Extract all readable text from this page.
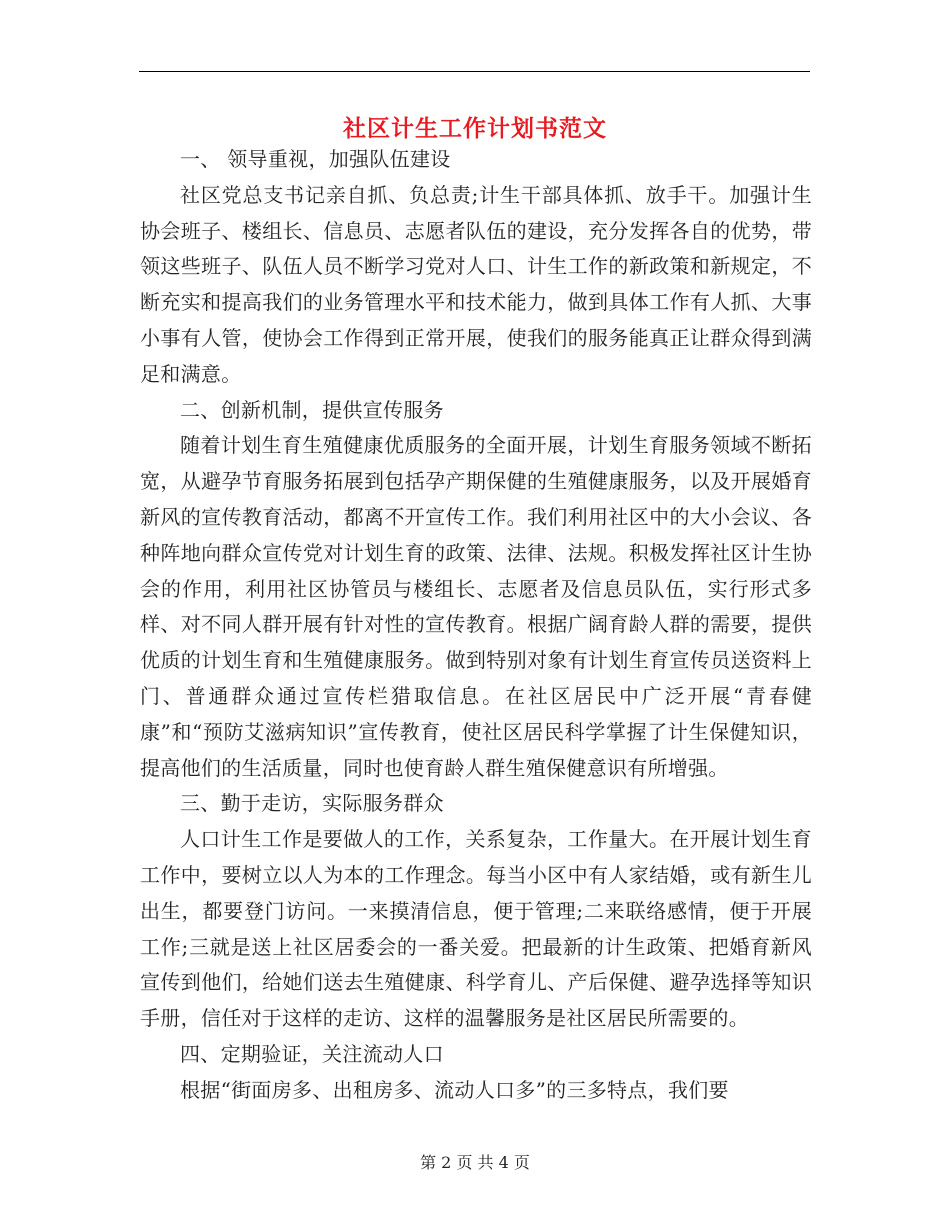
社区计生工作计划书范文

一、 领导重视，加强队伍建设

社区党总支书记亲自抓、负总责;计生干部具体抓、放手干。加强计生协会班子、楼组长、信息员、志愿者队伍的建设，充分发挥各自的优势，带领这些班子、队伍人员不断学习党对人口、计生工作的新政策和新规定，不断充实和提高我们的业务管理水平和技术能力，做到具体工作有人抓、大事小事有人管，使协会工作得到正常开展，使我们的服务能真正让群众得到满足和满意。

二、创新机制，提供宣传服务

随着计划生育生殖健康优质服务的全面开展，计划生育服务领域不断拓宽，从避孕节育服务拓展到包括孕产期保健的生殖健康服务，以及开展婚育新风的宣传教育活动，都离不开宣传工作。我们利用社区中的大小会议、各种阵地向群众宣传党对计划生育的政策、法律、法规。积极发挥社区计生协会的作用，利用社区协管员与楼组长、志愿者及信息员队伍，实行形式多样、对不同人群开展有针对性的宣传教育。根据广阔育龄人群的需要，提供优质的计划生育和生殖健康服务。做到特别对象有计划生育宣传员送资料上门、普通群众通过宣传栏猎取信息。在社区居民中广泛开展“青春健康”和“预防艾滋病知识”宣传教育，使社区居民科学掌握了计生保健知识，提高他们的生活质量，同时也使育龄人群生殖保健意识有所增强。

三、勤于走访，实际服务群众

人口计生工作是要做人的工作，关系复杂，工作量大。在开展计划生育工作中，要树立以人为本的工作理念。每当小区中有人家结婚，或有新生儿出生，都要登门访问。一来摸清信息，便于管理;二来联络感情，便于开展工作;三就是送上社区居委会的一番关爱。把最新的计生政策、把婚育新风宣传到他们，给她们送去生殖健康、科学育儿、产后保健、避孕选择等知识手册，信任对于这样的走访、这样的温馨服务是社区居民所需要的。

四、定期验证，关注流动人口

根据“街面房多、出租房多、流动人口多”的三多特点，我们要

第 2 页 共 4 页
